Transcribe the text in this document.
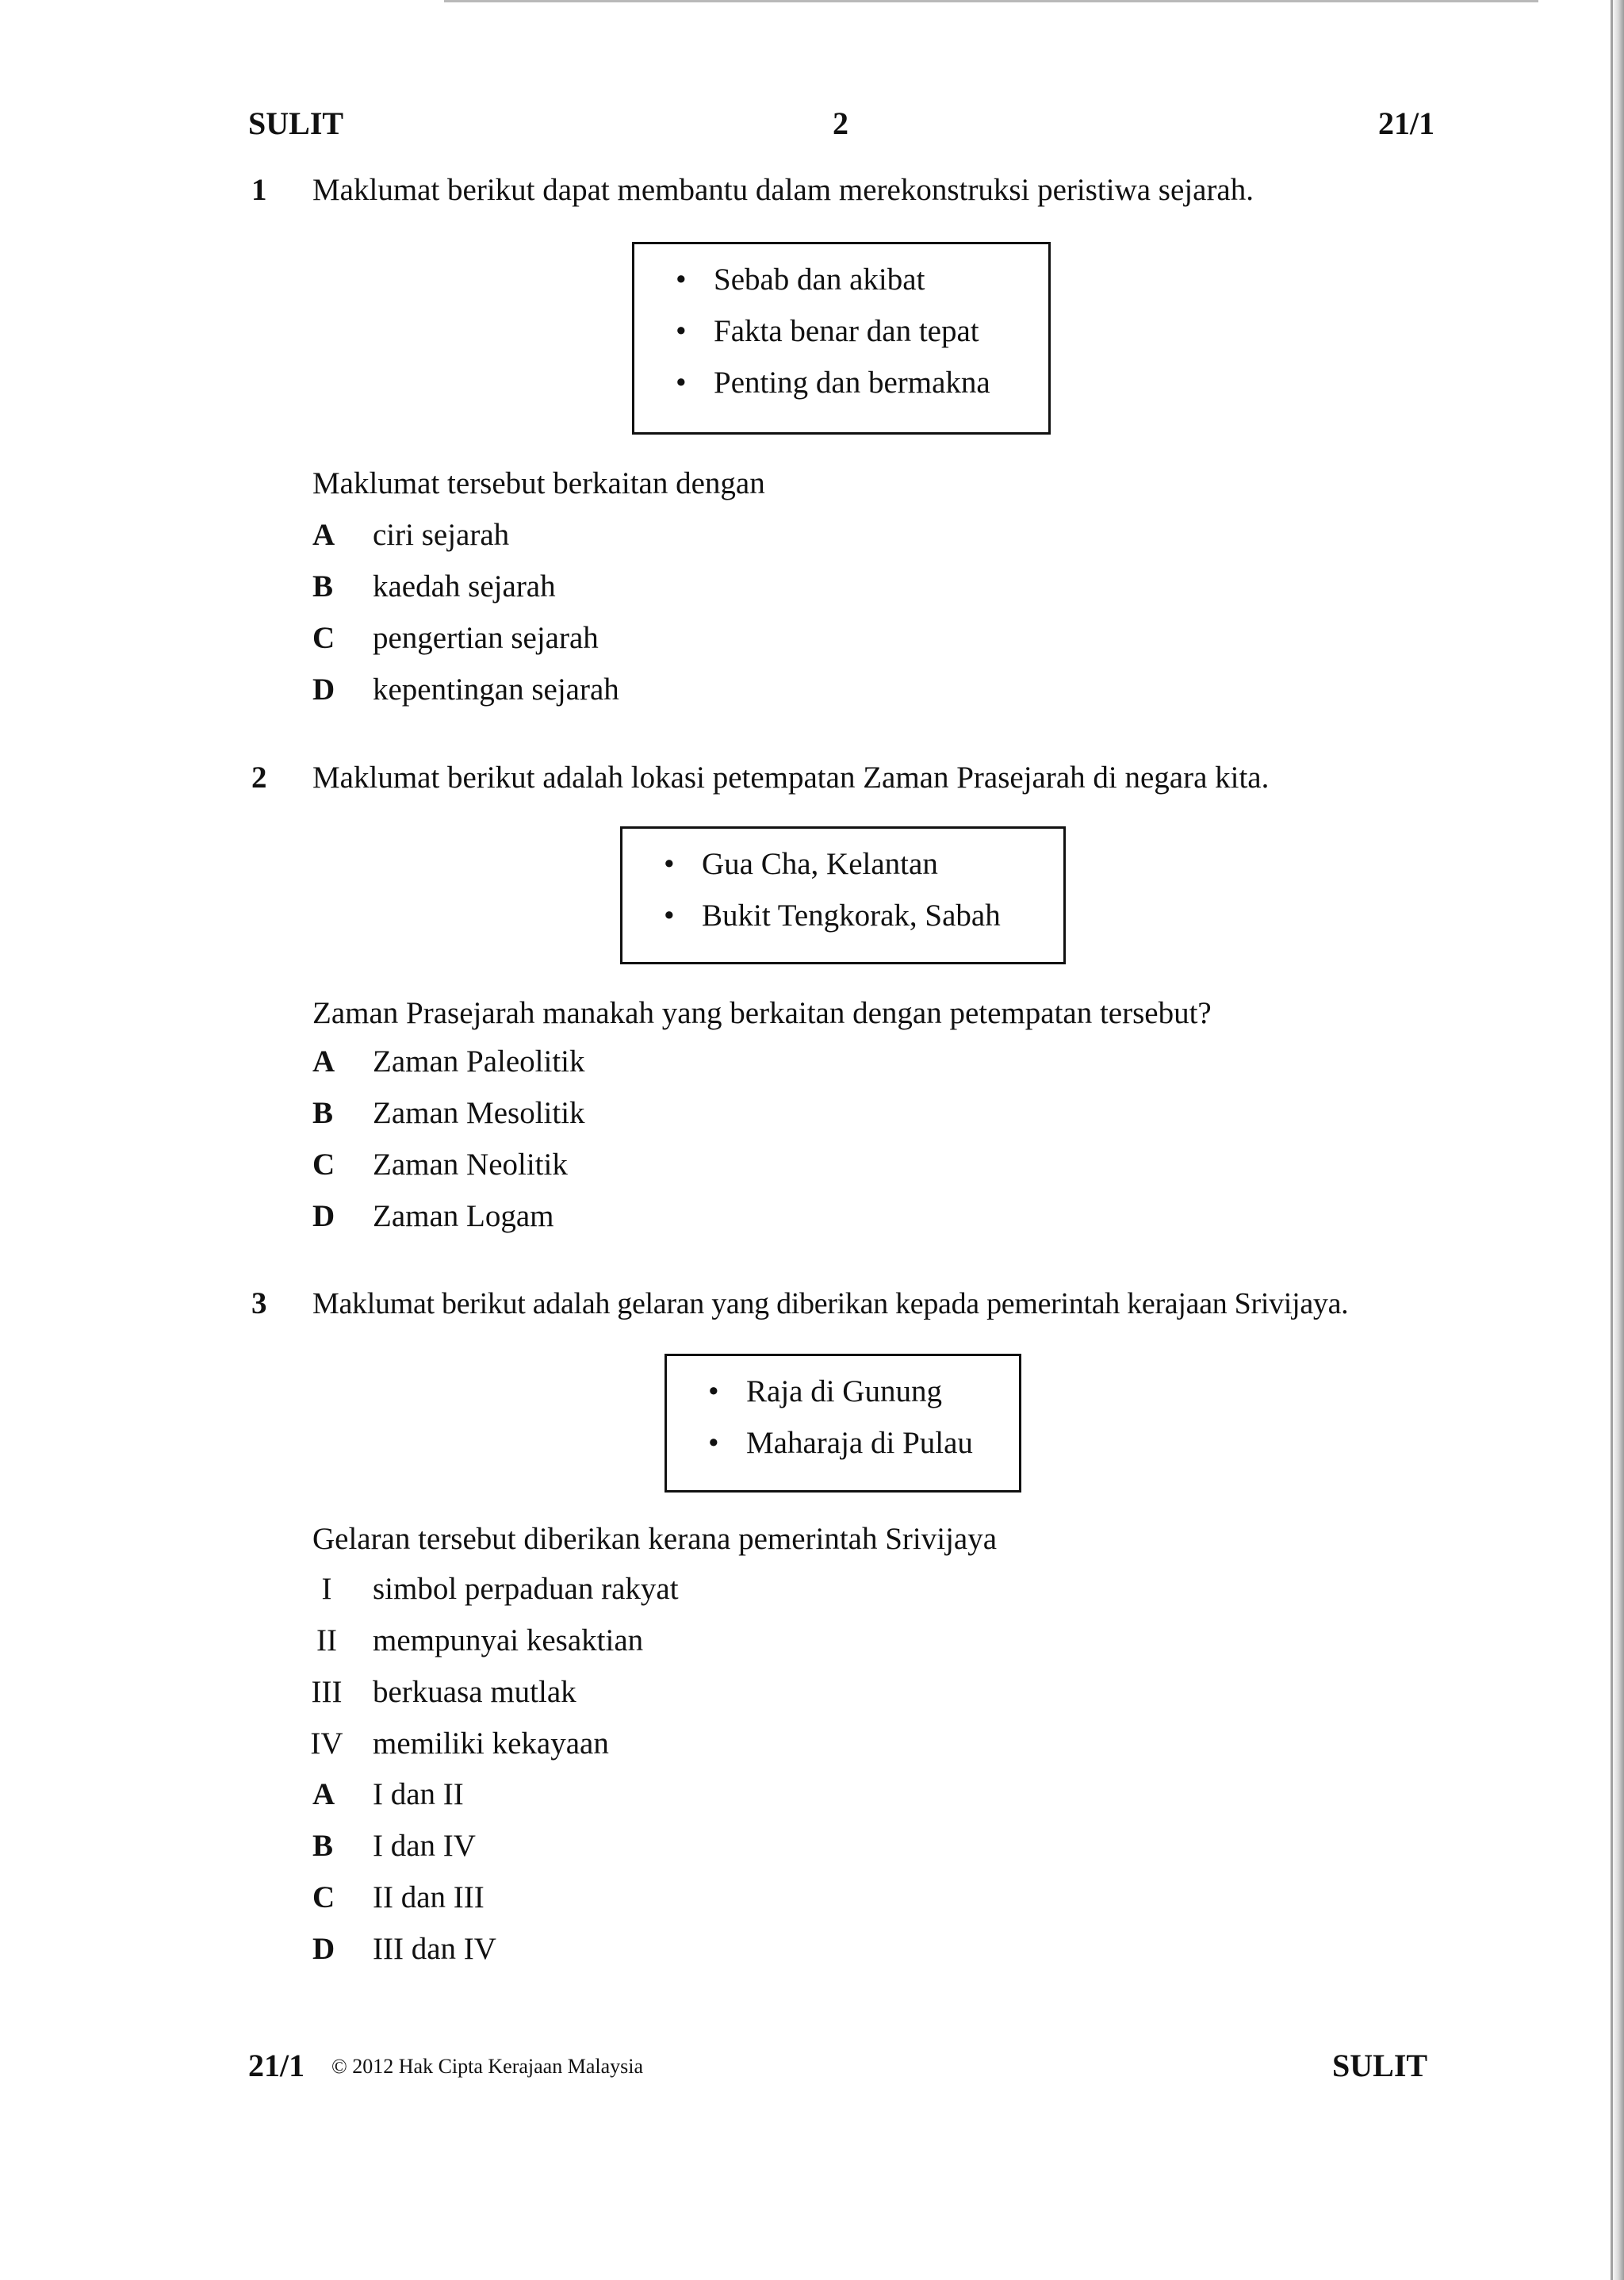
SULIT	2	21/1
1 Maklumat berikut dapat membantu dalam merekonstruksi peristiwa sejarah.
• Sebab dan akibat
• Fakta benar dan tepat
• Penting dan bermakna
Maklumat tersebut berkaitan dengan
A ciri sejarah
B kaedah sejarah
C pengertian sejarah
D kepentingan sejarah
2 Maklumat berikut adalah lokasi petempatan Zaman Prasejarah di negara kita.
• Gua Cha, Kelantan
• Bukit Tengkorak, Sabah
Zaman Prasejarah manakah yang berkaitan dengan petempatan tersebut?
A Zaman Paleolitik
B Zaman Mesolitik
C Zaman Neolitik
D Zaman Logam
3 Maklumat berikut adalah gelaran yang diberikan kepada pemerintah kerajaan Srivijaya.
• Raja di Gunung
• Maharaja di Pulau
Gelaran tersebut diberikan kerana pemerintah Srivijaya
I simbol perpaduan rakyat
II mempunyai kesaktian
III berkuasa mutlak
IV memiliki kekayaan
A I dan II
B I dan IV
C II dan III
D III dan IV
21/1 © 2012 Hak Cipta Kerajaan Malaysia	SULIT
